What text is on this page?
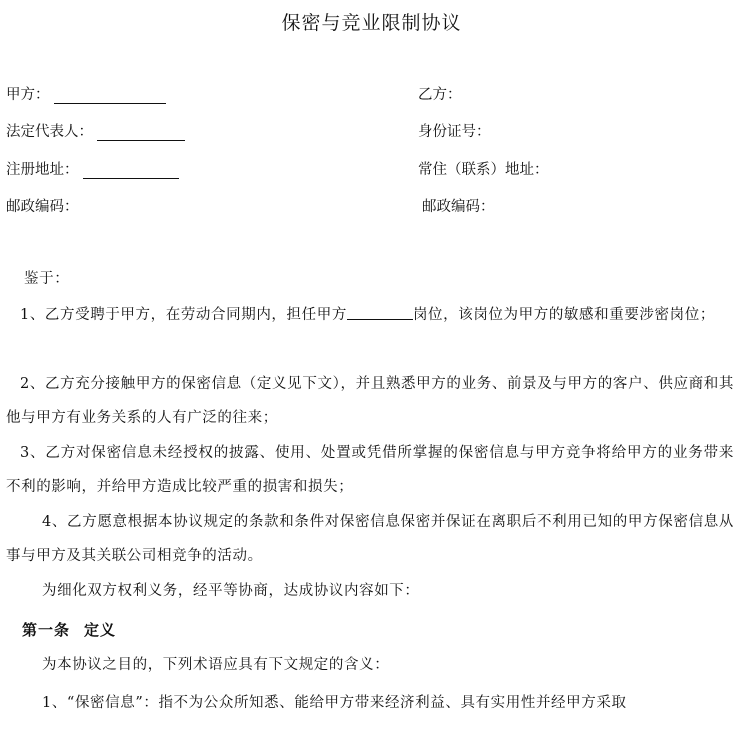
保密与竞业限制协议
甲方：	乙方：
法定代表人：	身份证号：
注册地址：	常住（联系）地址：
邮政编码：	邮政编码：
鉴于：
1、乙方受聘于甲方，在劳动合同期内，担任甲方	岗位，该岗位为甲方的敏感和重要涉密岗位；
2、乙方充分接触甲方的保密信息（定义见下文），并且熟悉甲方的业务、前景及与甲方的客户、供应商和其他与甲方有业务关系的人有广泛的往来；
3、乙方对保密信息未经授权的披露、使用、处置或凭借所掌握的保密信息与甲方竞争将给甲方的业务带来不利的影响，并给甲方造成比较严重的损害和损失；
4、乙方愿意根据本协议规定的条款和条件对保密信息保密并保证在离职后不利用已知的甲方保密信息从事与甲方及其关联公司相竞争的活动。
为细化双方权利义务，经平等协商，达成协议内容如下：
第一条 定义
为本协议之目的，下列术语应具有下文规定的含义：
1、“保密信息”：指不为公众所知悉、能给甲方带来经济利益、具有实用性并经甲方采取
